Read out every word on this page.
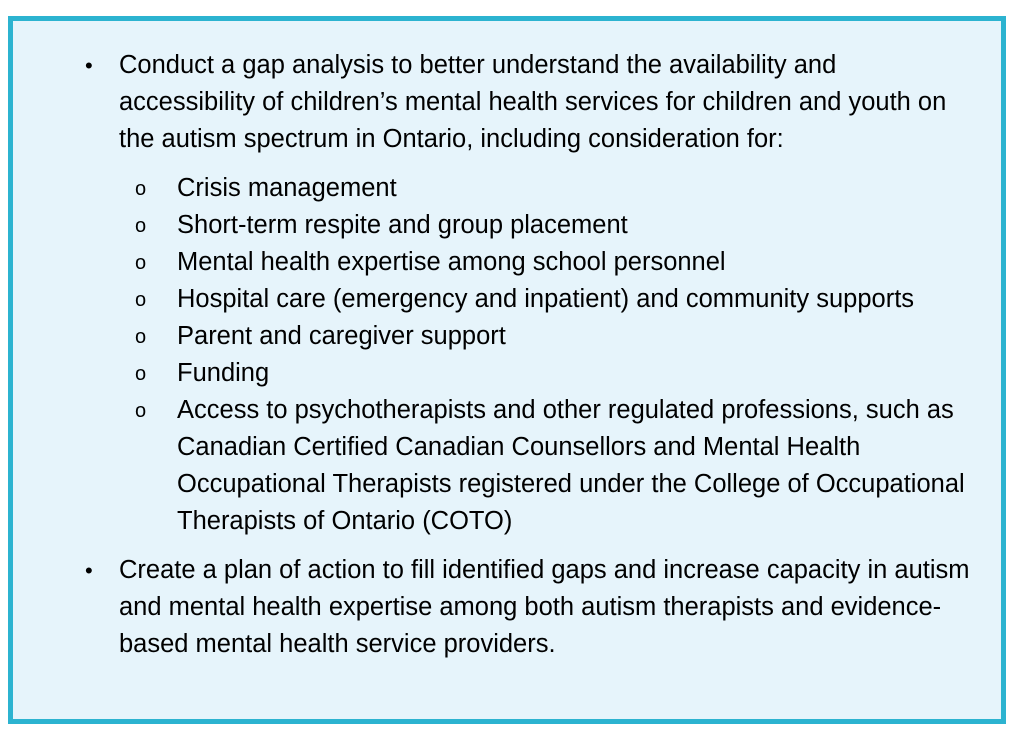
• Conduct a gap analysis to better understand the availability and accessibility of children’s mental health services for children and youth on the autism spectrum in Ontario, including consideration for:
o Crisis management
o Short-term respite and group placement
o Mental health expertise among school personnel
o Hospital care (emergency and inpatient) and community supports
o Parent and caregiver support
o Funding
o Access to psychotherapists and other regulated professions, such as Canadian Certified Canadian Counsellors and Mental Health Occupational Therapists registered under the College of Occupational Therapists of Ontario (COTO)
• Create a plan of action to fill identified gaps and increase capacity in autism and mental health expertise among both autism therapists and evidence-based mental health service providers.
